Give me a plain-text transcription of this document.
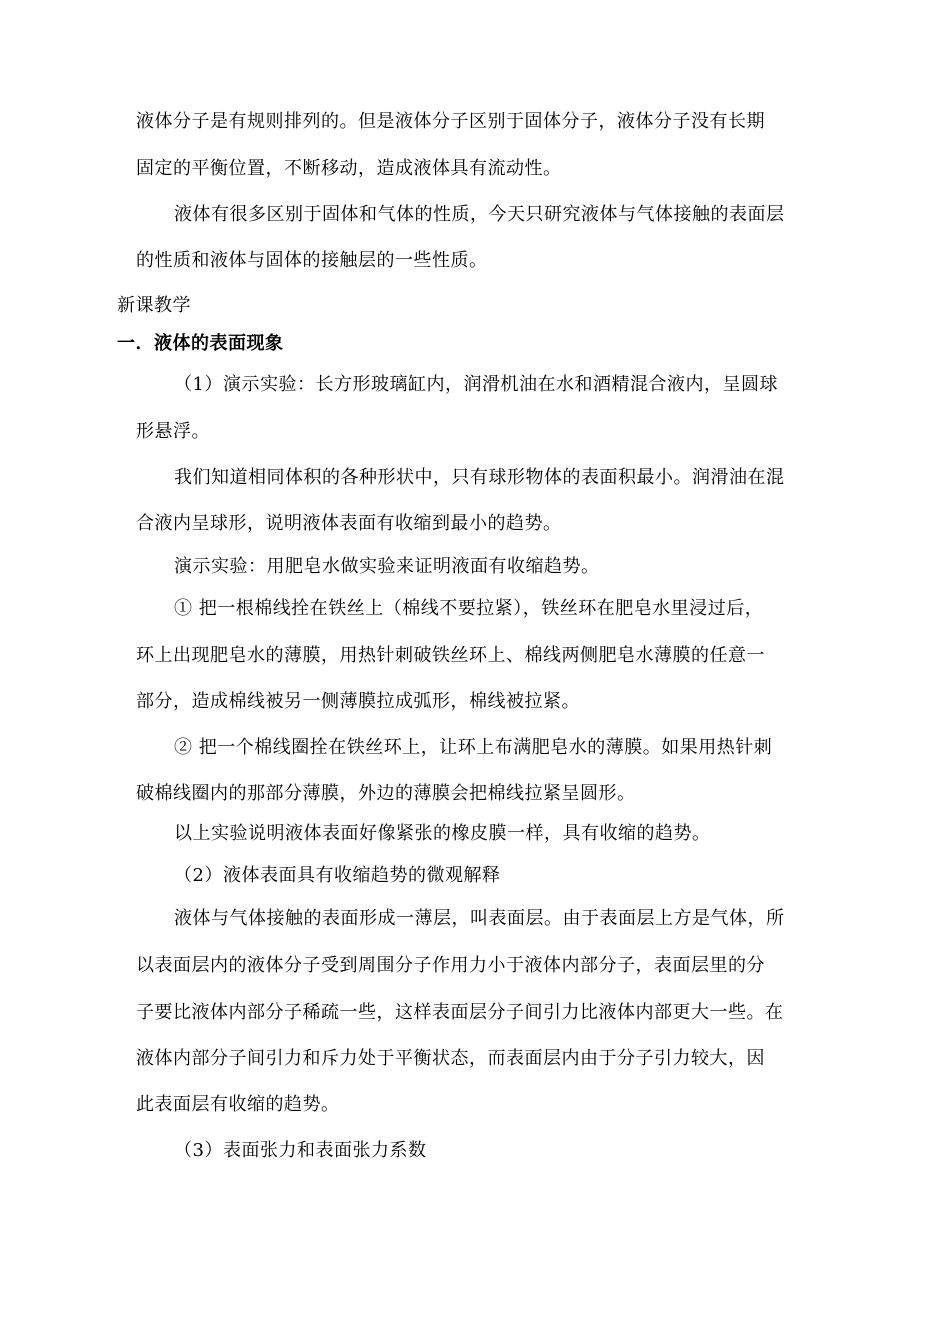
液体分子是有规则排列的。但是液体分子区别于固体分子，液体分子没有长期
固定的平衡位置，不断移动，造成液体具有流动性。
液体有很多区别于固体和气体的性质，今天只研究液体与气体接触的表面层
的性质和液体与固体的接触层的一些性质。
新课教学
一．液体的表面现象
（1）演示实验：长方形玻璃缸内，润滑机油在水和酒精混合液内，呈圆球
形悬浮。
我们知道相同体积的各种形状中，只有球形物体的表面积最小。润滑油在混
合液内呈球形，说明液体表面有收缩到最小的趋势。
演示实验：用肥皂水做实验来证明液面有收缩趋势。
① 把一根棉线拴在铁丝上（棉线不要拉紧），铁丝环在肥皂水里浸过后，
环上出现肥皂水的薄膜，用热针刺破铁丝环上、棉线两侧肥皂水薄膜的任意一
部分，造成棉线被另一侧薄膜拉成弧形，棉线被拉紧。
② 把一个棉线圈拴在铁丝环上，让环上布满肥皂水的薄膜。如果用热针刺
破棉线圈内的那部分薄膜，外边的薄膜会把棉线拉紧呈圆形。
以上实验说明液体表面好像紧张的橡皮膜一样，具有收缩的趋势。
（2）液体表面具有收缩趋势的微观解释
液体与气体接触的表面形成一薄层，叫表面层。由于表面层上方是气体，所
以表面层内的液体分子受到周围分子作用力小于液体内部分子，表面层里的分
子要比液体内部分子稀疏一些，这样表面层分子间引力比液体内部更大一些。在
液体内部分子间引力和斥力处于平衡状态，而表面层内由于分子引力较大，因
此表面层有收缩的趋势。
（3）表面张力和表面张力系数
